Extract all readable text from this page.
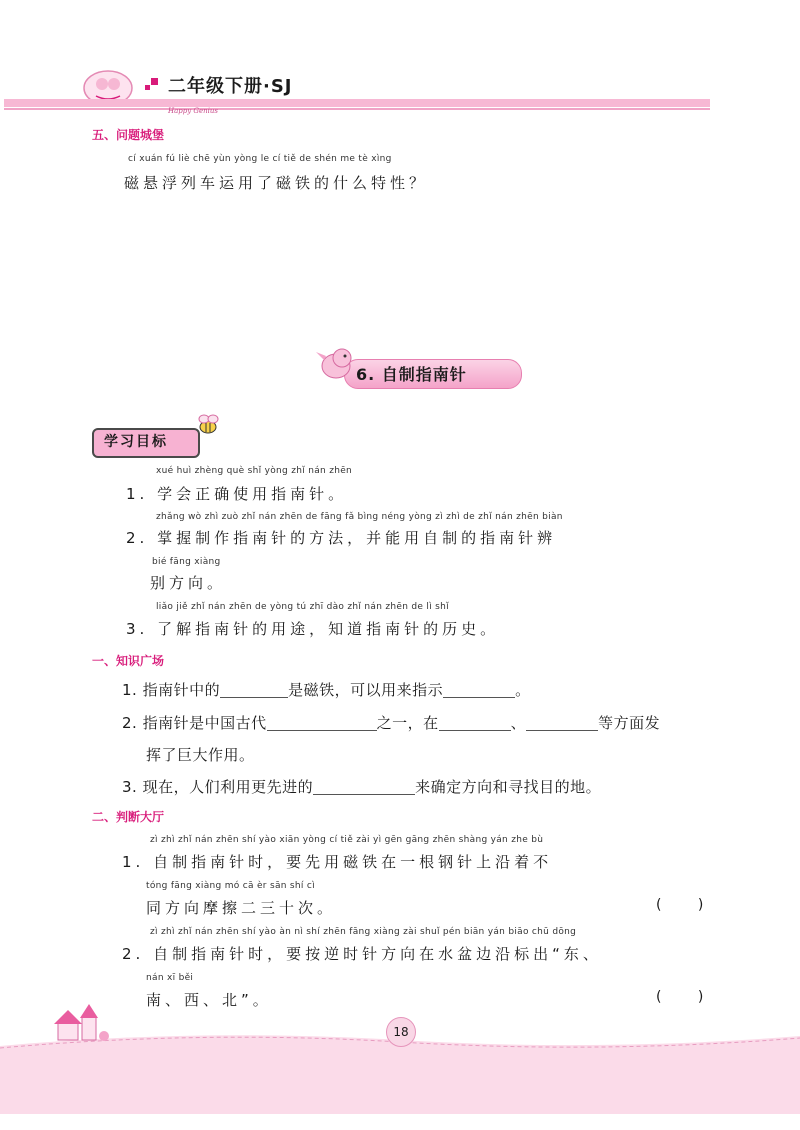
二年级下册·SJ
Happy Genius
五、问题城堡
cí xuán fú liè chē yùn yòng le cí tiě de shén me tè xìng
磁悬浮列车运用了磁铁的什么特性？
6. 自制指南针
学习目标
xué huì zhèng què shǐ yòng zhǐ nán zhēn
1. 学会正确使用指南针。
zhǎng wò zhì zuò zhǐ nán zhēn de fāng fǎ bìng néng yòng zì zhì de zhǐ nán zhēn biàn
2. 掌握制作指南针的方法，并能用自制的指南针辨
bié fāng xiàng
别方向。
liǎo jiě zhǐ nán zhēn de yòng tú zhī dào zhǐ nán zhēn de lì shǐ
3. 了解指南针的用途，知道指南针的历史。
一、知识广场
1. 指南针中的	是磁铁，可以用来指示	。
2. 指南针是中国古代	之一，在	、	等方面发
挥了巨大作用。
3. 现在，人们利用更先进的	来确定方向和寻找目的地。
二、判断大厅
zì zhì zhǐ nán zhēn shí yào xiān yòng cí tiě zài yì gēn gāng zhēn shàng yán zhe bù
1. 自制指南针时，要先用磁铁在一根钢针上沿着不
tóng fāng xiàng mó cā èr sān shí cì
同方向摩擦二三十次。	( )
zì zhì zhǐ nán zhēn shí yào àn nì shí zhēn fāng xiàng zài shuǐ pén biān yán biāo chū dōng
2. 自制指南针时，要按逆时针方向在水盆边沿标出“东、
nán xī běi
南、西、北”。	( )
18
